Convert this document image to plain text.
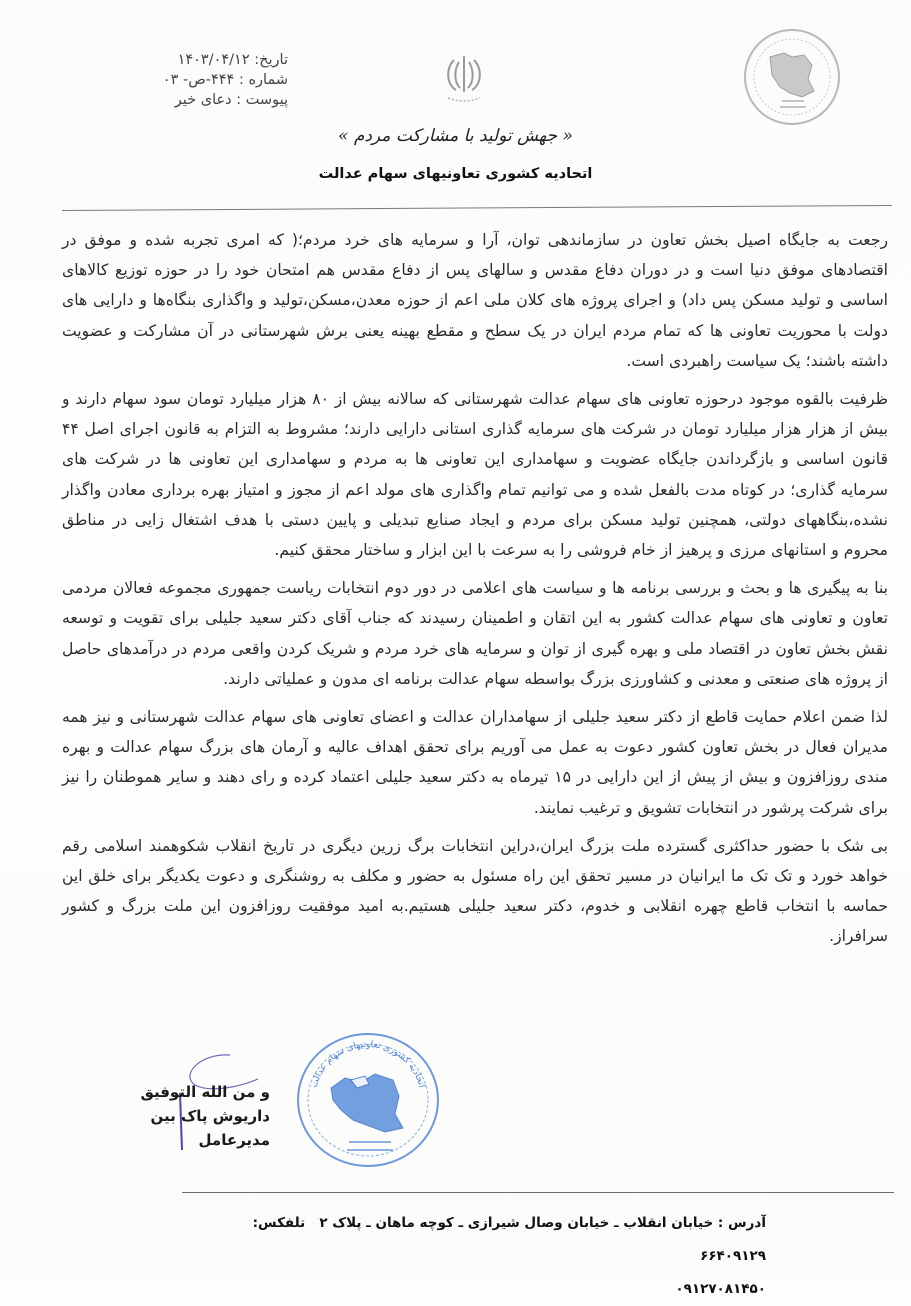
تاریخ: ۱۴۰۳/۰۴/۱۲
شماره : ۴۴۴-ص- ۰۳
پیوست : دعای خیر
« جهش تولید با مشارکت مردم »
اتحادیه کشوری تعاونیهای سهام عدالت

رجعت به جایگاه اصیل بخش تعاون در سازماندهی توان، آرا و سرمایه های خرد مردم؛( که امری تجربه شده و موفق در اقتصادهای موفق دنیا است و در دوران دفاع مقدس و سالهای پس از دفاع مقدس هم امتحان خود را در حوزه توزیع کالاهای اساسی و تولید مسکن پس داد) و اجرای پروژه های کلان ملی اعم از حوزه معدن،مسکن،تولید و واگذاری بنگاه‌ها و دارایی های دولت با محوریت تعاونی ها که تمام مردم ایران در یک سطح و مقطع بهینه یعنی برش شهرستانی در آن مشارکت و عضویت داشته باشند؛ یک سیاست راهبردی است.

ظرفیت بالقوه موجود درحوزه تعاونی های سهام عدالت شهرستانی که سالانه بیش از ۸۰ هزار میلیارد تومان سود سهام دارند و بیش از هزار هزار میلیارد تومان در شرکت های سرمایه گذاری استانی دارایی دارند؛ مشروط به التزام به قانون اجرای اصل ۴۴ قانون اساسی و بازگرداندن جایگاه عضویت و سهامداری این تعاونی ها به مردم و سهامداری این تعاونی ها در شرکت های سرمایه گذاری؛ در کوتاه مدت بالفعل شده و می توانیم تمام واگذاری های مولد اعم از مجوز و امتیاز بهره برداری معادن واگذار نشده،بنگاههای دولتی، همچنین تولید مسکن برای مردم و ایجاد صنایع تبدیلی و پایین دستی با هدف اشتغال زایی در مناطق محروم و استانهای مرزی و پرهیز از خام فروشی را به سرعت با این ابزار و ساختار محقق کنیم.

بنا به پیگیری ها و بحث و بررسی برنامه ها و سیاست های اعلامی در دور دوم انتخابات ریاست جمهوری مجموعه فعالان مردمی تعاون و تعاونی های سهام عدالت کشور به این اتقان و اطمینان رسیدند که جناب آقای دکتر سعید جلیلی برای تقویت و توسعه نقش بخش تعاون در اقتصاد ملی و بهره گیری از توان و سرمایه های خرد مردم و شریک کردن واقعی مردم در درآمدهای حاصل از پروژه های صنعتی و معدنی و کشاورزی بزرگ بواسطه سهام عدالت برنامه ای مدون و عملیاتی دارند.

لذا ضمن اعلام حمایت قاطع از دکتر سعید جلیلی از سهامداران عدالت و اعضای تعاونی های سهام عدالت شهرستانی و نیز همه مدیران فعال در بخش تعاون کشور دعوت به عمل می آوریم برای تحقق اهداف عالیه و آرمان های بزرگ سهام عدالت و بهره مندی روزافزون و بیش از پیش از این دارایی در ۱۵ تیرماه به دکتر سعید جلیلی اعتماد کرده و رای دهند و سایر هموطنان را نیز برای شرکت پرشور در انتخابات تشویق و ترغیب نمایند.

بی شک با حضور حداکثری گسترده ملت بزرگ ایران،دراین انتخابات برگ زرین دیگری در تاریخ انقلاب شکوهمند اسلامی رقم خواهد خورد و تک تک ما ایرانیان در مسیر تحقق این راه مسئول به حضور و مکلف به روشنگری و دعوت یکدیگر برای خلق این حماسه با انتخاب قاطع چهره انقلابی و خدوم، دکتر سعید جلیلی هستیم.به امید موفقیت روزافزون این ملت بزرگ و کشور سرافراز.

و من الله التوفیق
داریوش پاک بین
مدیرعامل
اتحادیه کشوری تعاونیهای سهام عدالت
آدرس : خیابان انقلاب ـ خیابان وصال شیرازی ـ کوچه ماهان ـ پلاک ۲   تلفکس: ۶۶۴۰۹۱۲۹
۰۹۱۲۷۰۸۱۴۵۰
